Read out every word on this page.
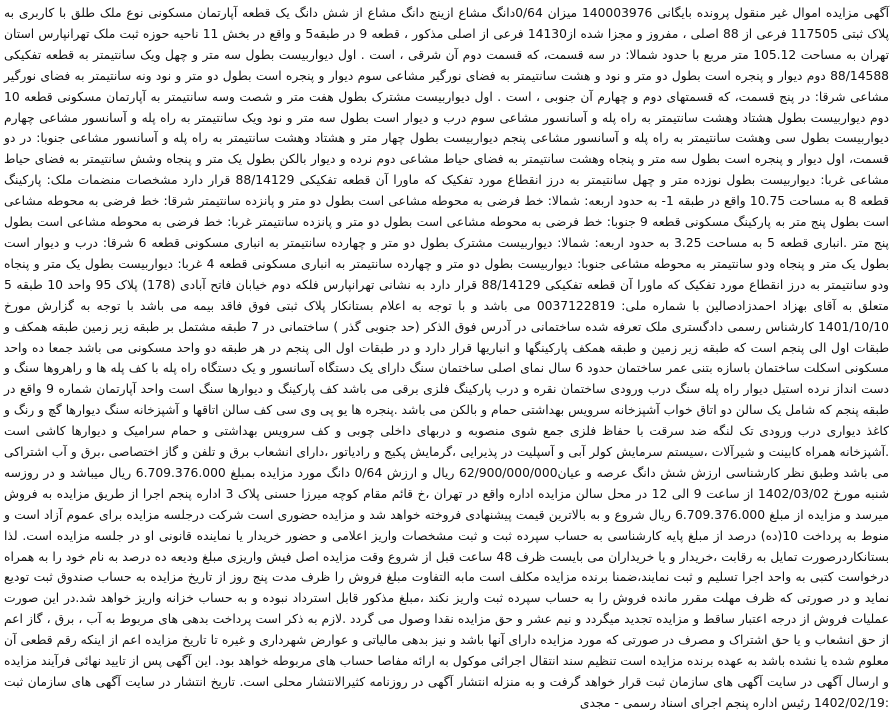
آگهی مزایده اموال غیر منقول پرونده بایگانی 140003976 میزان 0/64دانگ مشاع ازینج دانگ مشاع از شش دانگ یک قطعه آپارتمان مسکونی نوع ملک طلق با کاربری به پلاک ثبتی 117505 فرعی از 88 اصلی ، مفروز و مجزا شده از14130 فرعی از اصلی مذکور ، قطعه 9 در طبقه5 و واقع در بخش 11 ناحیه حوزه ثبت ملک تهرانپارس استان تهران به مساحت 105.12 متر مربع با حدود شمالا: در سه قسمت، که قسمت دوم آن شرقی ، است . اول دیواربیست بطول سه متر و چهل ویک سانتیمتر به قطعه تفکیکی 88/14588 دوم دیوار و پنجره است بطول دو متر و نود و هشت سانتیمتر به فضای نورگیر مشاعی سوم دیوار و پنجره است بطول دو متر و نود ونه سانتیمتر به فضای نورگیر مشاعی شرقا: در پنج قسمت، که قسمتهای دوم و چهارم آن جنوبی ، است . اول دیواربیست مشترک بطول هفت متر و شصت وسه سانتیمتر به آپارتمان مسکونی قطعه 10 دوم دیواربیست بطول هشتاد وهشت سانتیمتر به راه پله و آسانسور مشاعی سوم درب و دیوار است بطول سه متر و نود ویک سانتیمتر به راه پله و آسانسور مشاعی چهارم دیواربیست بطول سی وهشت سانتیمتر به راه پله و آسانسور مشاعی پنجم دیواربیست بطول چهار متر و هشتاد وهشت سانتیمتر به راه پله و آسانسور مشاعی جنوبا: در دو قسمت، اول دیوار و پنجره است بطول سه متر و پنجاه وهشت سانتیمتر به فضای حیاط مشاعی دوم نرده و دیوار بالکن بطول یک متر و پنجاه وشش سانتیمتر به فضای حیاط مشاعی غربا: دیواربیست بطول نوزده متر و چهل سانتیمتر به درز انقطاع مورد تفکیک که ماورا آن قطعه تفکیکی 88/14129 قرار دارد مشخصات منضمات ملک: پارکینگ قطعه 8 به مساحت 10.75 واقع در طبقه 1- به حدود اربعه: شمالا: خط فرضی به محوطه مشاعی است بطول دو متر و پانزده سانتیمتر شرقا: خط فرضی به محوطه مشاعی است بطول پنج متر به پارکینگ مسکونی قطعه 9 جنوبا: خط فرضی به محوطه مشاعی است بطول دو متر و پانزده سانتیمتر غربا: خط فرضی به محوطه مشاعی است بطول پنج متر .انباری قطعه 5 به مساحت 3.25 به حدود اربعه: شمالا: دیواربیست مشترک بطول دو متر و چهارده سانتیمتر به انباری مسکونی قطعه 6 شرقا: درب و دیوار است بطول یک متر و پنجاه ودو سانتیمتر به محوطه مشاعی جنوبا: دیواربیست بطول دو متر و چهارده سانتیمتر به انباری مسکونی قطعه 4 غربا: دیواربیست بطول یک متر و پنجاه ودو سانتیمتر به درز انقطاع مورد تفکیک که ماورا آن قطعه تفکیکی 88/14129 قرار دارد به نشانی تهرانپارس فلکه دوم خیابان فاتح آبادی (178) پلاک 95 واحد 10 طبقه 5 متعلق به آقای بهزاد احمدزادصالین با شماره ملی: 0037122819 می باشد و با توجه به اعلام بستانکار پلاک ثبتی فوق فاقد بیمه می باشد با توجه به گزارش مورخ 1401/10/10 کارشناس رسمی دادگستری ملک تعرفه شده ساختمانی در آدرس فوق الذکر (حد جنوبی گذر ) ساختمانی در 7 طبقه مشتمل بر طبقه زیر زمین طبقه همکف و طبقات اول الی پنجم است که طبقه زیر زمین و طبقه همکف پارکینگها و انباریها قرار دارد و در طبقات اول الی پنجم در هر طبقه دو واحد مسکونی می باشد جمعا ده واحد مسکونی اسکلت ساختمان باسازه بتنی عمر ساختمان حدود 6 سال نمای اصلی ساختمان سنگ دارای یک دستگاه آسانسور و یک دستگاه راه پله با کف پله ها و راهروها سنگ و دست انداز نرده استیل دیوار راه پله سنگ درب ورودی ساختمان نقره و درب پارکینگ فلزی برقی می باشد کف پارکینگ و دیوارها سنگ است واحد آپارتمان شماره 9 واقع در طبقه پنجم که شامل یک سالن دو اتاق خواب آشپزخانه سرویس بهداشتی حمام و بالکن می باشد .پنجره ها یو پی وی سی کف سالن اتاقها و آشپزخانه سنگ دیوارها گچ و رنگ و کاغذ دیواری درب ورودی تک لنگه ضد سرقت با حفاظ فلزی جمع شوی منصوبه و دربهای داخلی چوبی و کف سرویس بهداشتی و حمام سرامیک و دیوارها کاشی است .آشپزخانه همراه کابینت و شیرآلات ،سیستم سرمایش کولر آبی و آسپلیت در پذیرایی ،گرمایش پکیج و رادیاتور ،دارای انشعاب برق و تلفن و گاز اختصاصی ،برق و آب اشتراکی می باشد وطبق نظر کارشناسی ارزش شش دانگ عرصه و عیان62/900/000/000 ریال و ارزش 0/64 دانگ مورد مزایده بمبلغ 6.709.376.000 ریال میباشد و در روزسه شنبه مورخ 1402/03/02 از ساعت 9 الی 12 در محل سالن مزایده اداره واقع در تهران ،خ قائم مقام کوچه میرزا حسنی پلاک 3 اداره پنجم اجرا از طریق مزایده به فروش میرسد و مزایده از مبلغ 6.709.376.000 ریال شروع و به بالاترین قیمت پیشنهادی فروخته خواهد شد و مزایده حضوری است شرکت درجلسه مزایده برای عموم آزاد است و منوط به پرداخت 10(ده) درصد از مبلغ پایه کارشناسی به حساب سپرده ثبت و ثبت مشخصات واریز اعلامی و حضور خریدار یا نماینده قانونی او در جلسه مزایده است. لذا بستانکاردرصورت تمایل به رقابت ،خریدار و یا خریداران می بایست ظرف 48 ساعت قبل از شروع وقت مزایده اصل فیش واریزی مبلغ ودیعه ده درصد به نام خود را به همراه درخواست کتبی به واحد اجرا تسلیم و ثبت نمایند،ضمنا برنده مزایده مکلف است مابه التفاوت مبلغ فروش را ظرف مدت پنج روز از تاریخ مزایده به حساب صندوق ثبت تودیع نماید و در صورتی که ظرف مهلت مقرر مانده فروش را به حساب سپرده ثبت واریز نکند ،مبلغ مذکور قابل استرداد نبوده و به حساب خزانه واریز خواهد شد.در این صورت عملیات فروش از درجه اعتبار ساقط و مزایده تجدید میگردد و نیم عشر و حق مزایده نقدا وصول می گردد .لازم به ذکر است پرداخت بدهی های مربوط به آب ، برق ، گاز اعم از حق انشعاب و یا حق اشتراک و مصرف در صورتی که مورد مزایده دارای آنها باشد و نیز بدهی مالیاتی و عوارض شهرداری و غیره تا تاریخ مزایده اعم از اینکه رقم قطعی آن معلوم شده یا نشده باشد به عهده برنده مزایده است تنظیم سند انتقال اجرائی موکول به ارائه مفاصا حساب های مربوطه خواهد بود. این آگهی پس از تایید نهائی فرآیند مزایده و ارسال آگهی در سایت آگهی های سازمان ثبت قرار خواهد گرفت و به منزله انتشار آگهی در روزنامه کثیرالانتشار محلی است. تاریخ انتشار در سایت آگهی های سازمان ثبت :1402/02/19 رئیس اداره پنجم اجرای اسناد رسمی - مجدی
